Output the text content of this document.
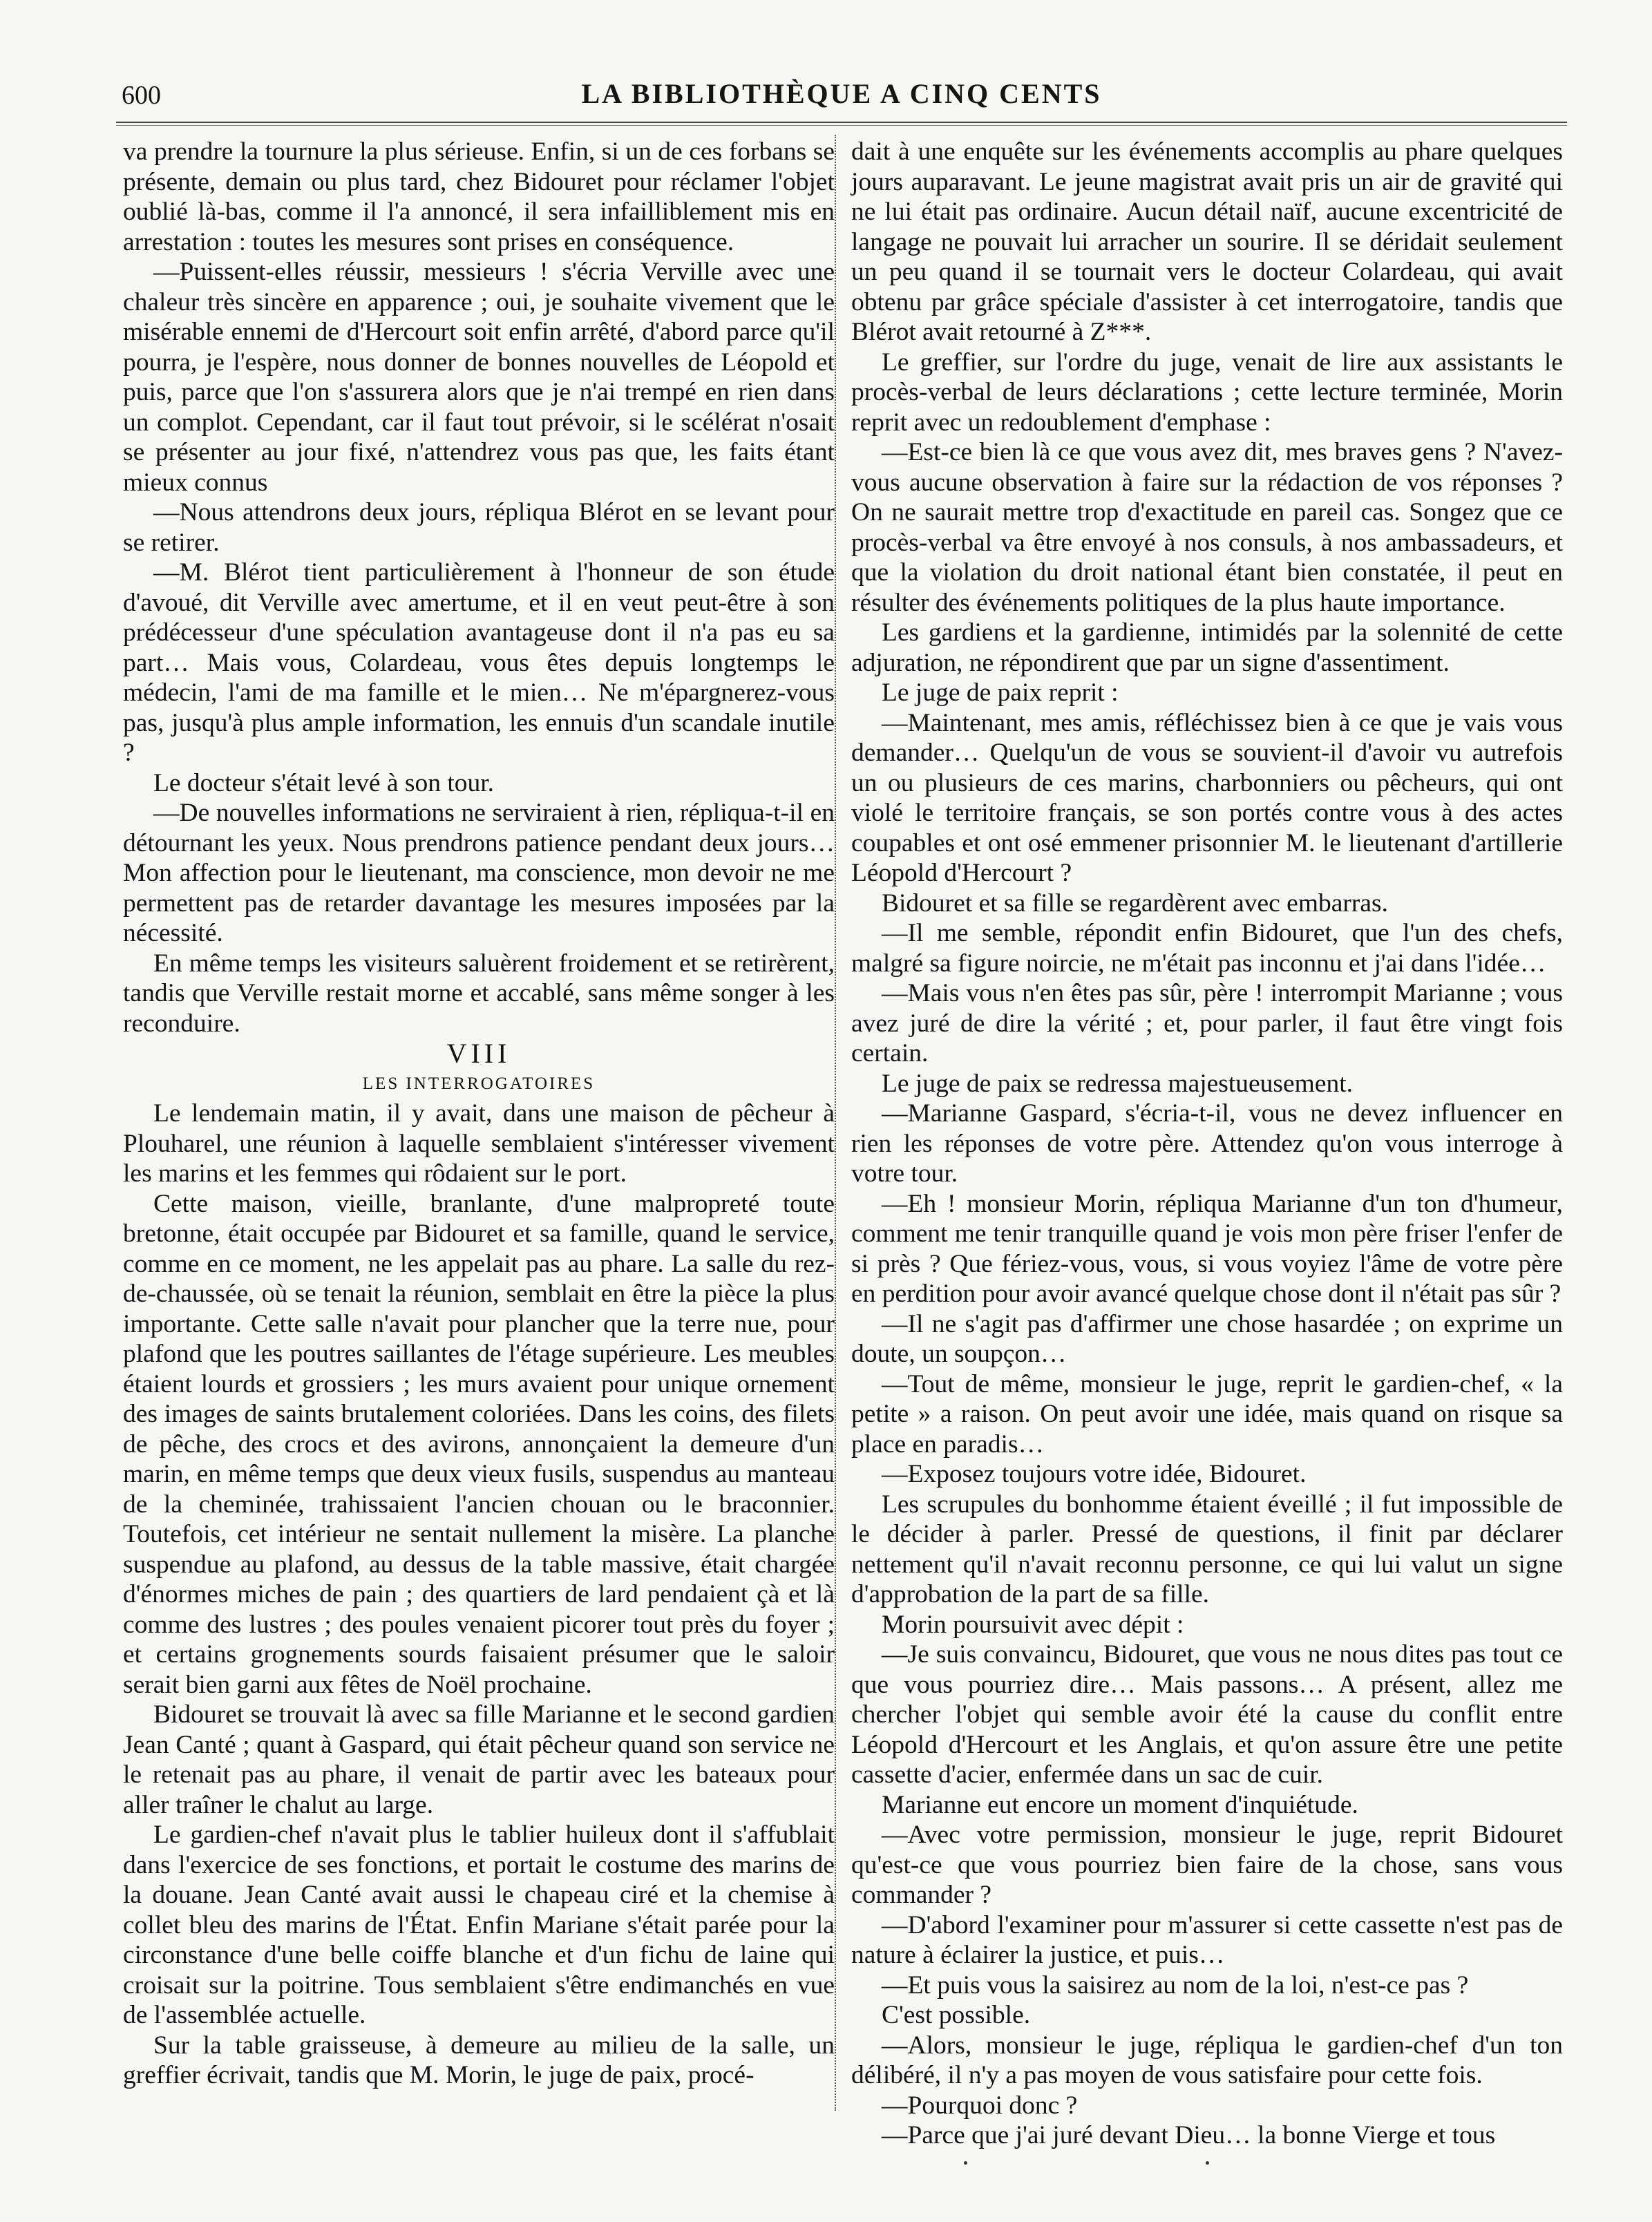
600	LA BIBLIOTHÈQUE A CINQ CENTS

va prendre la tournure la plus sérieuse. Enfin, si un de ces forbans se présente, demain ou plus tard, chez Bidouret pour réclamer l'objet oublié là-bas, comme il l'a annoncé, il sera infailliblement mis en arrestation : toutes les mesures sont prises en conséquence.

—Puissent-elles réussir, messieurs ! s'écria Verville avec une chaleur très sincère en apparence ; oui, je souhaite vivement que le misérable ennemi de d'Hercourt soit enfin arrêté, d'abord parce qu'il pourra, je l'espère, nous donner de bonnes nouvelles de Léopold et puis, parce que l'on s'assurera alors que je n'ai trempé en rien dans un complot. Cependant, car il faut tout prévoir, si le scélérat n'osait se présenter au jour fixé, n'attendrez vous pas que, les faits étant mieux connus

—Nous attendrons deux jours, répliqua Blérot en se levant pour se retirer.

—M. Blérot tient particulièrement à l'honneur de son étude d'avoué, dit Verville avec amertume, et il en veut peut-être à son prédécesseur d'une spéculation avantageuse dont il n'a pas eu sa part… Mais vous, Colardeau, vous êtes depuis longtemps le médecin, l'ami de ma famille et le mien… Ne m'épargnerez-vous pas, jusqu'à plus ample information, les ennuis d'un scandale inutile ?

Le docteur s'était levé à son tour.

—De nouvelles informations ne serviraient à rien, répliqua-t-il en détournant les yeux. Nous prendrons patience pendant deux jours… Mon affection pour le lieutenant, ma conscience, mon devoir ne me permettent pas de retarder davantage les mesures imposées par la nécessité.

En même temps les visiteurs saluèrent froidement et se retirèrent, tandis que Verville restait morne et accablé, sans même songer à les reconduire.

VIII

LES INTERROGATOIRES

Le lendemain matin, il y avait, dans une maison de pêcheur à Plouharel, une réunion à laquelle semblaient s'intéresser vivement les marins et les femmes qui rôdaient sur le port.

Cette maison, vieille, branlante, d'une malpropreté toute bretonne, était occupée par Bidouret et sa famille, quand le service, comme en ce moment, ne les appelait pas au phare. La salle du rez-de-chaussée, où se tenait la réunion, semblait en être la pièce la plus importante. Cette salle n'avait pour plancher que la terre nue, pour plafond que les poutres saillantes de l'étage supérieure. Les meubles étaient lourds et grossiers ; les murs avaient pour unique ornement des images de saints brutalement coloriées. Dans les coins, des filets de pêche, des crocs et des avirons, annonçaient la demeure d'un marin, en même temps que deux vieux fusils, suspendus au manteau de la cheminée, trahissaient l'ancien chouan ou le braconnier. Toutefois, cet intérieur ne sentait nullement la misère. La planche suspendue au plafond, au dessus de la table massive, était chargée d'énormes miches de pain ; des quartiers de lard pendaient çà et là comme des lustres ; des poules venaient picorer tout près du foyer ; et certains grognements sourds faisaient présumer que le saloir serait bien garni aux fêtes de Noël prochaine.

Bidouret se trouvait là avec sa fille Marianne et le second gardien Jean Canté ; quant à Gaspard, qui était pêcheur quand son service ne le retenait pas au phare, il venait de partir avec les bateaux pour aller traîner le chalut au large.

Le gardien-chef n'avait plus le tablier huileux dont il s'affublait dans l'exercice de ses fonctions, et portait le costume des marins de la douane. Jean Canté avait aussi le chapeau ciré et la chemise à collet bleu des marins de l'État. Enfin Mariane s'était parée pour la circonstance d'une belle coiffe blanche et d'un fichu de laine qui croisait sur la poitrine. Tous semblaient s'être endimanchés en vue de l'assemblée actuelle.

Sur la table graisseuse, à demeure au milieu de la salle, un greffier écrivait, tandis que M. Morin, le juge de paix, procé-

dait à une enquête sur les événements accomplis au phare quelques jours auparavant. Le jeune magistrat avait pris un air de gravité qui ne lui était pas ordinaire. Aucun détail naïf, aucune excentricité de langage ne pouvait lui arracher un sourire. Il se déridait seulement un peu quand il se tournait vers le docteur Colardeau, qui avait obtenu par grâce spéciale d'assister à cet interrogatoire, tandis que Blérot avait retourné à Z***.

Le greffier, sur l'ordre du juge, venait de lire aux assistants le procès-verbal de leurs déclarations ; cette lecture terminée, Morin reprit avec un redoublement d'emphase :

—Est-ce bien là ce que vous avez dit, mes braves gens ? N'avez-vous aucune observation à faire sur la rédaction de vos réponses ? On ne saurait mettre trop d'exactitude en pareil cas. Songez que ce procès-verbal va être envoyé à nos consuls, à nos ambassadeurs, et que la violation du droit national étant bien constatée, il peut en résulter des événements politiques de la plus haute importance.

Les gardiens et la gardienne, intimidés par la solennité de cette adjuration, ne répondirent que par un signe d'assentiment.

Le juge de paix reprit :

—Maintenant, mes amis, réfléchissez bien à ce que je vais vous demander… Quelqu'un de vous se souvient-il d'avoir vu autrefois un ou plusieurs de ces marins, charbonniers ou pêcheurs, qui ont violé le territoire français, se son portés contre vous à des actes coupables et ont osé emmener prisonnier M. le lieutenant d'artillerie Léopold d'Hercourt ?

Bidouret et sa fille se regardèrent avec embarras.

—Il me semble, répondit enfin Bidouret, que l'un des chefs, malgré sa figure noircie, ne m'était pas inconnu et j'ai dans l'idée…

—Mais vous n'en êtes pas sûr, père ! interrompit Marianne ; vous avez juré de dire la vérité ; et, pour parler, il faut être vingt fois certain.

Le juge de paix se redressa majestueusement.

—Marianne Gaspard, s'écria-t-il, vous ne devez influencer en rien les réponses de votre père. Attendez qu'on vous interroge à votre tour.

—Eh ! monsieur Morin, répliqua Marianne d'un ton d'humeur, comment me tenir tranquille quand je vois mon père friser l'enfer de si près ? Que fériez-vous, vous, si vous voyiez l'âme de votre père en perdition pour avoir avancé quelque chose dont il n'était pas sûr ?

—Il ne s'agit pas d'affirmer une chose hasardée ; on exprime un doute, un soupçon…

—Tout de même, monsieur le juge, reprit le gardien-chef, « la petite » a raison. On peut avoir une idée, mais quand on risque sa place en paradis…

—Exposez toujours votre idée, Bidouret.

Les scrupules du bonhomme étaient éveillé ; il fut impossible de le décider à parler. Pressé de questions, il finit par déclarer nettement qu'il n'avait reconnu personne, ce qui lui valut un signe d'approbation de la part de sa fille.

Morin poursuivit avec dépit :

—Je suis convaincu, Bidouret, que vous ne nous dites pas tout ce que vous pourriez dire… Mais passons… A présent, allez me chercher l'objet qui semble avoir été la cause du conflit entre Léopold d'Hercourt et les Anglais, et qu'on assure être une petite cassette d'acier, enfermée dans un sac de cuir.

Marianne eut encore un moment d'inquiétude.

—Avec votre permission, monsieur le juge, reprit Bidouret qu'est-ce que vous pourriez bien faire de la chose, sans vous commander ?

—D'abord l'examiner pour m'assurer si cette cassette n'est pas de nature à éclairer la justice, et puis…

—Et puis vous la saisirez au nom de la loi, n'est-ce pas ?

C'est possible.

—Alors, monsieur le juge, répliqua le gardien-chef d'un ton délibéré, il n'y a pas moyen de vous satisfaire pour cette fois.

—Pourquoi donc ?

—Parce que j'ai juré devant Dieu… la bonne Vierge et tous
